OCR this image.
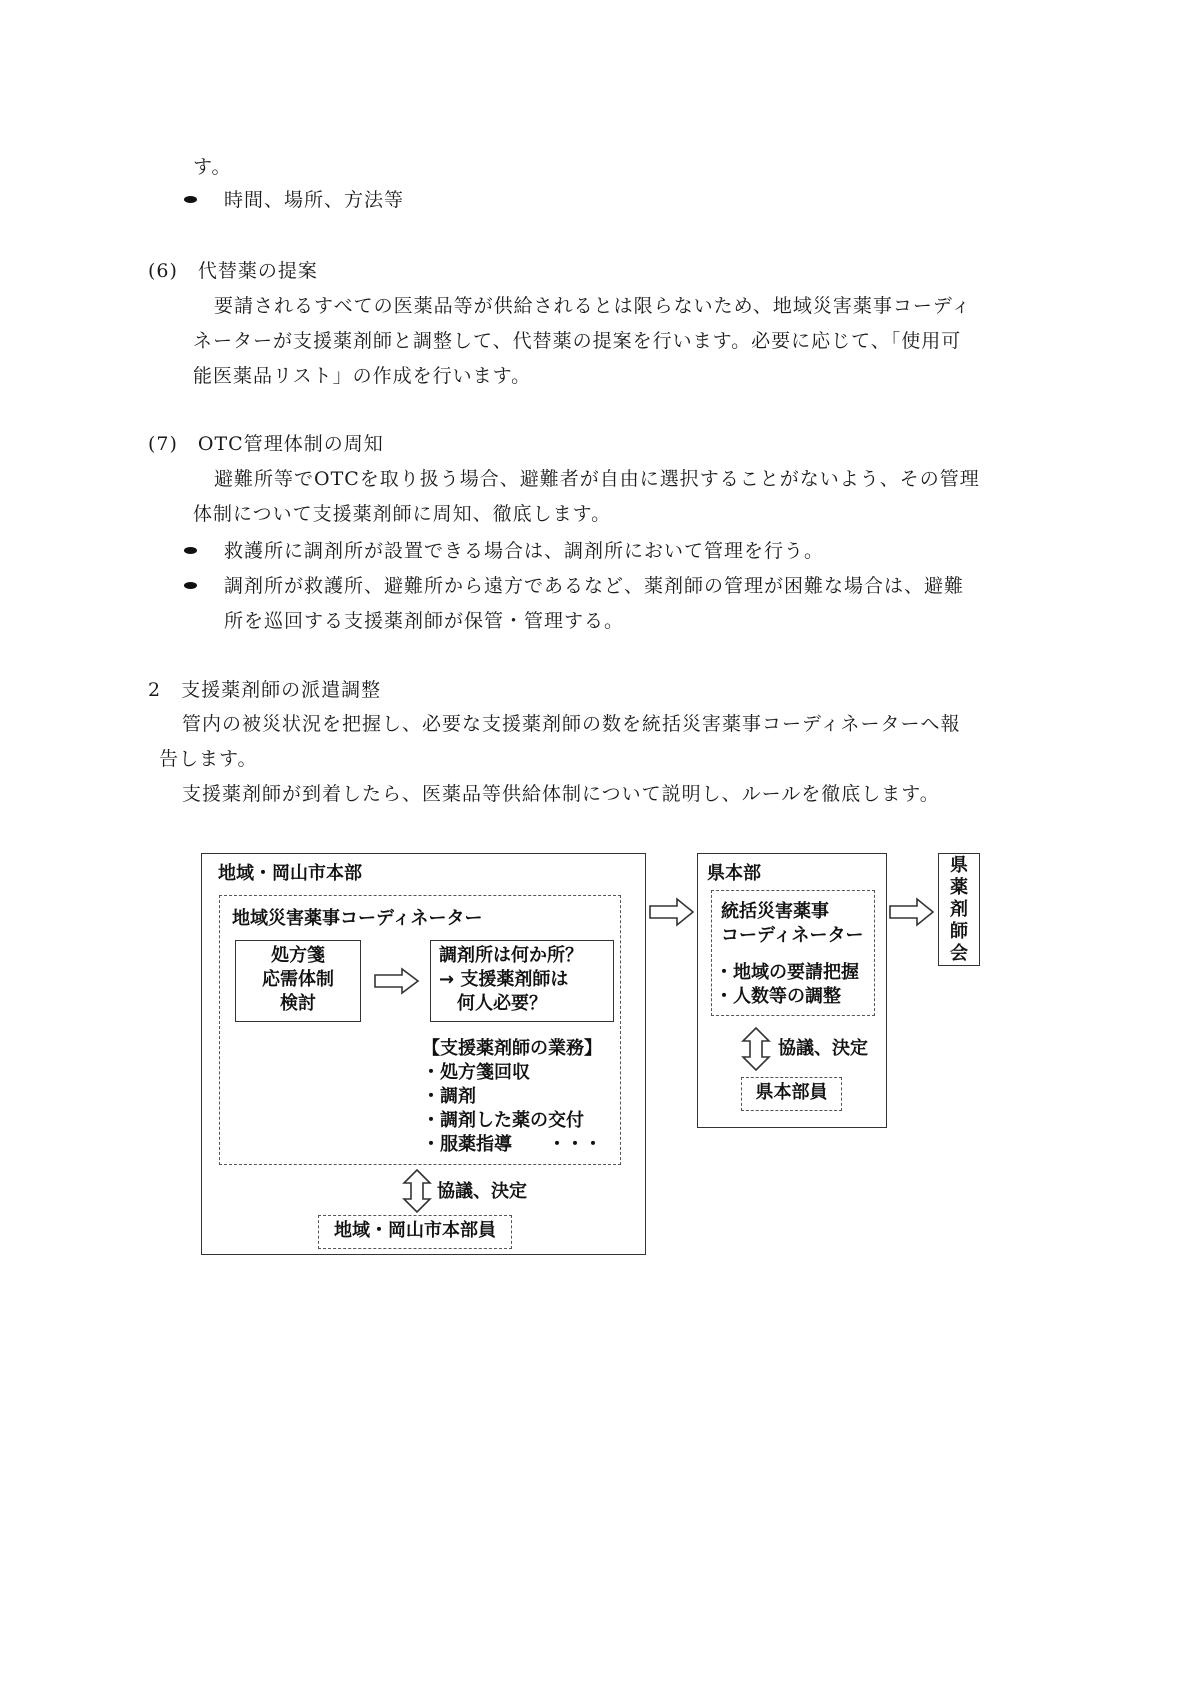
す。
時間、場所、方法等
(6)　代替薬の提案
要請されるすべての医薬品等が供給されるとは限らないため、地域災害薬事コーディ
ネーターが支援薬剤師と調整して、代替薬の提案を行います。必要に応じて、「使用可
能医薬品リスト」の作成を行います。
(7)　OTC管理体制の周知
避難所等でOTCを取り扱う場合、避難者が自由に選択することがないよう、その管理
体制について支援薬剤師に周知、徹底します。
救護所に調剤所が設置できる場合は、調剤所において管理を行う。
調剤所が救護所、避難所から遠方であるなど、薬剤師の管理が困難な場合は、避難
所を巡回する支援薬剤師が保管・管理する。
2　支援薬剤師の派遣調整
管内の被災状況を把握し、必要な支援薬剤師の数を統括災害薬事コーディネーターへ報
告します。
支援薬剤師が到着したら、医薬品等供給体制について説明し、ルールを徹底します。
地域・岡山市本部
地域災害薬事コーディネーター
処方箋
応需体制
検討
調剤所は何か所？
→ 支援薬剤師は
　何人必要？
【支援薬剤師の業務】
・処方箋回収
・調剤
・調剤した薬の交付
・服薬指導　　・・・
協議、決定
地域・岡山市本部員
県本部
統括災害薬事
コーディネーター
・地域の要請把握
・人数等の調整
協議、決定
県本部員
県
薬
剤
師
会
